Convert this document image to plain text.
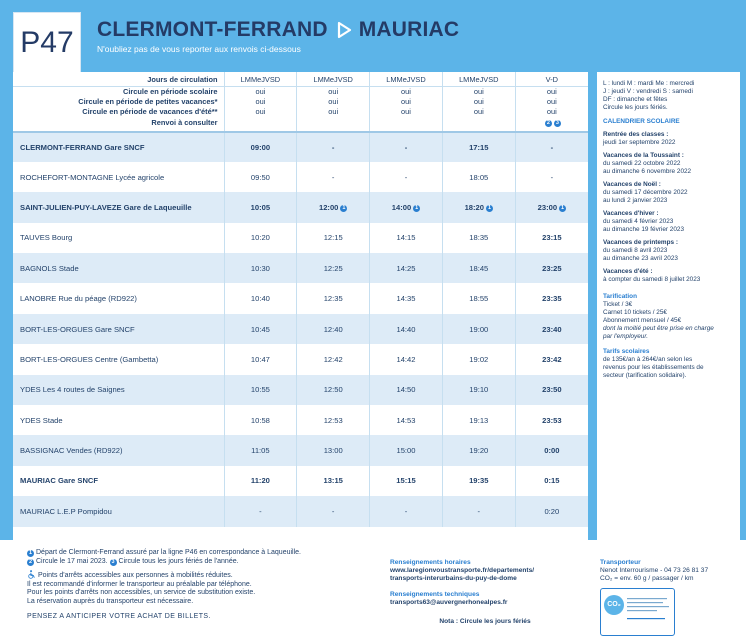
P47	CLERMONT-FERRAND MAURIAC
N'oubliez pas de vous reporter aux renvois ci-dessous
Jours de circulation	LMMeJVSD	LMMeJVSD	LMMeJVSD	LMMeJVSD	V-D
Circule en période scolaire	oui	oui	oui	oui	oui
Circule en période de petites vacances*	oui	oui	oui	oui	oui
Circule en période de vacances d'été**	oui	oui	oui	oui	oui
Renvoi à consulter					2 3
CLERMONT-FERRAND Gare SNCF	09:00	-	-	17:15	-
ROCHEFORT-MONTAGNE Lycée agricole	09:50	-	-	18:05	-
SAINT-JULIEN-PUY-LAVEZE Gare de Laqueuille	10:05	12:00 1	14:00 1	18:20 1	23:00 1
TAUVES Bourg	10:20	12:15	14:15	18:35	23:15
BAGNOLS Stade	10:30	12:25	14:25	18:45	23:25
LANOBRE Rue du péage (RD922)	10:40	12:35	14:35	18:55	23:35
BORT-LES-ORGUES Gare SNCF	10:45	12:40	14:40	19:00	23:40
BORT-LES-ORGUES Centre (Gambetta)	10:47	12:42	14:42	19:02	23:42
YDES Les 4 routes de Saignes	10:55	12:50	14:50	19:10	23:50
YDES Stade	10:58	12:53	14:53	19:13	23:53
BASSIGNAC Vendes (RD922)	11:05	13:00	15:00	19:20	0:00
MAURIAC Gare SNCF	11:20	13:15	15:15	19:35	0:15
MAURIAC L.E.P Pompidou	-	-	-	-	0:20
L : lundi M : mardi Me : mercredi
J : jeudi V : vendredi S : samedi
DF : dimanche et fêtes
Circule les jours fériés.
CALENDRIER SCOLAIRE
Rentrée des classes :
jeudi 1er septembre 2022
Vacances de la Toussaint :
du samedi 22 octobre 2022
au dimanche 6 novembre 2022
Vacances de Noël :
du samedi 17 décembre 2022
au lundi 2 janvier 2023
Vacances d'hiver :
du samedi 4 février 2023
au dimanche 19 février 2023
Vacances de printemps :
du samedi 8 avril 2023
au dimanche 23 avril 2023
Vacances d'été :
à compter du samedi 8 juillet 2023
Tarification
Ticket / 3€
Carnet 10 tickets / 25€
Abonnement mensuel / 45€
dont la moitié peut être prise en charge
par l'employeur.
Tarifs scolaires
de 135€/an à 264€/an selon les
revenus pour les établissements de
secteur (tarification solidaire).
1 Départ de Clermont-Ferrand assuré par la ligne P46 en correspondance à Laqueuille.
2 Circule le 17 mai 2023. 3 Circule tous les jours fériés de l'année.
Points d'arrêts accessibles aux personnes à mobilités réduites.
Il est recommandé d'informer le transporteur au préalable par téléphone.
Pour les points d'arrêts non accessibles, un service de substitution existe.
La réservation auprès du transporteur est nécessaire.
PENSEZ A ANTICIPER VOTRE ACHAT DE BILLETS.
Renseignements horaires
www.laregionvoustransporte.fr/departements/
transports-interurbains-du-puy-de-dome
Renseignements techniques
transports63@auvergnerhonealpes.fr
Nota : Circule les jours fériés
Transporteur
Nenot Interrourisme - 04 73 26 81 37
CO₂ = env. 60 g / passager / km
CO₂
